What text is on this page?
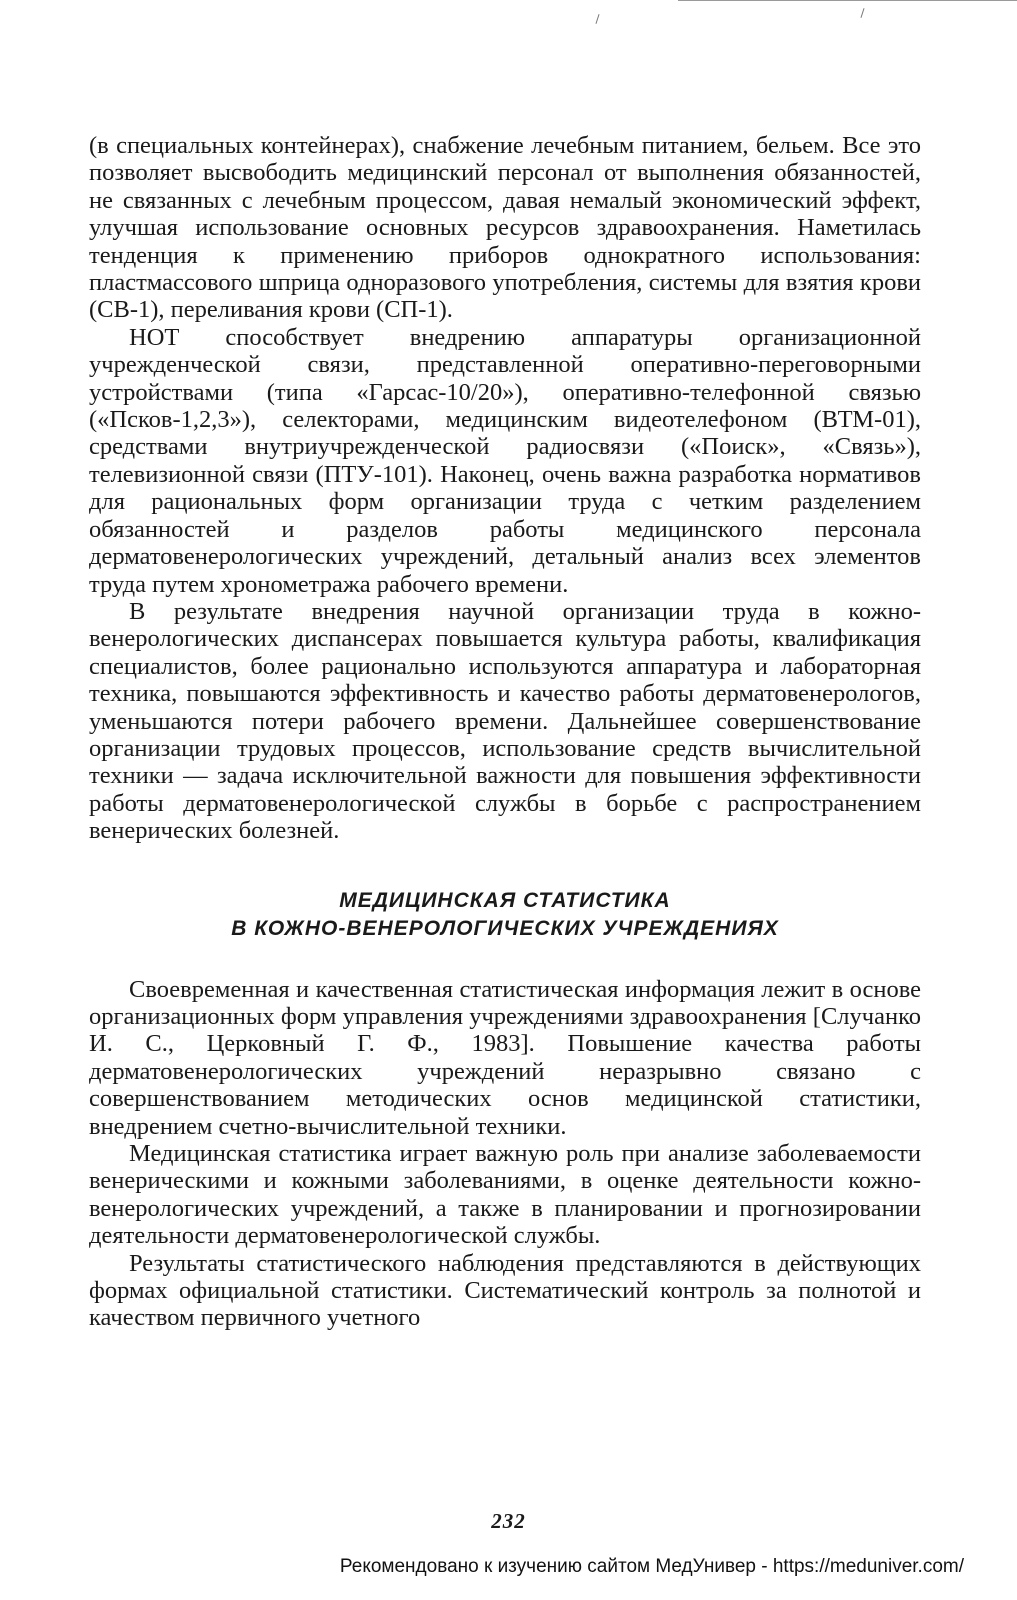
(в специальных контейнерах), снабжение лечебным питанием, бельем. Все это позволяет высвободить медицинский персонал от выполнения обязанностей, не связанных с лечебным процессом, давая немалый экономический эффект, улучшая использование основных ресурсов здравоохранения. Наметилась тенденция к применению приборов однократного использования: пластмассового шприца одноразового употребления, системы для взятия крови (СВ-1), переливания крови (СП-1).

НОТ способствует внедрению аппаратуры организационной учрежденческой связи, представленной оперативно-переговорными устройствами (типа «Гарсас-10/20»), оперативно-телефонной связью («Псков-1,2,3»), селекторами, медицинским видеотелефоном (ВТМ-01), средствами внутриучрежденческой радиосвязи («Поиск», «Связь»), телевизионной связи (ПТУ-101). Наконец, очень важна разработка нормативов для рациональных форм организации труда с четким разделением обязанностей и разделов работы медицинского персонала дерматовенерологических учреждений, детальный анализ всех элементов труда путем хронометража рабочего времени.

В результате внедрения научной организации труда в кожно-венерологических диспансерах повышается культура работы, квалификация специалистов, более рационально используются аппаратура и лабораторная техника, повышаются эффективность и качество работы дерматовенерологов, уменьшаются потери рабочего времени. Дальнейшее совершенствование организации трудовых процессов, использование средств вычислительной техники — задача исключительной важности для повышения эффективности работы дерматовенерологической службы в борьбе с распространением венерических болезней.

МЕДИЦИНСКАЯ СТАТИСТИКА
В КОЖНО-ВЕНЕРОЛОГИЧЕСКИХ УЧРЕЖДЕНИЯХ

Своевременная и качественная статистическая информация лежит в основе организационных форм управления учреждениями здравоохранения [Случанко И. С., Церковный Г. Ф., 1983]. Повышение качества работы дерматовенерологических учреждений неразрывно связано с совершенствованием методических основ медицинской статистики, внедрением счетно-вычислительной техники.

Медицинская статистика играет важную роль при анализе заболеваемости венерическими и кожными заболеваниями, в оценке деятельности кожно-венерологических учреждений, а также в планировании и прогнозировании деятельности дерматовенерологической службы.

Результаты статистического наблюдения представляются в действующих формах официальной статистики. Систематический контроль за полнотой и качеством первичного учетного

232
Рекомендовано к изучению сайтом МедУнивер - https://meduniver.com/
